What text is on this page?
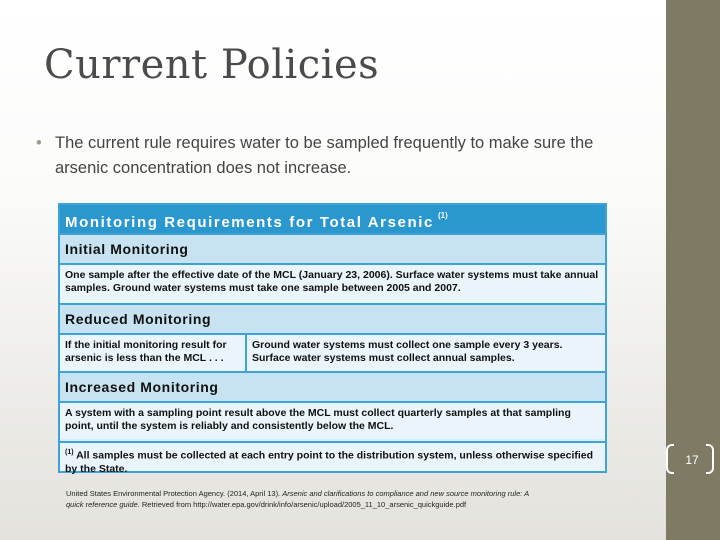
Current Policies
• The current rule requires water to be sampled frequently to make sure the arsenic concentration does not increase.
Monitoring Requirements for Total Arsenic $^{(1)}$
Initial Monitoring
One sample after the effective date of the MCL (January 23, 2006). Surface water systems must take annual samples. Ground water systems must take one sample between 2005 and 2007.
Reduced Monitoring
If the initial monitoring result for arsenic is less than the MCL . . .
Ground water systems must collect one sample every 3 years. Surface water systems must collect annual samples.
Increased Monitoring
A system with a sampling point result above the MCL must collect quarterly samples at that sampling point, until the system is reliably and consistently below the MCL.
$^{(1)}$ All samples must be collected at each entry point to the distribution system, unless otherwise specified by the State.
United States Environmental Protection Agency. (2014, April 13). Arsenic and clarifications to compliance and new source monitoring rule: A quick reference guide. Retrieved from http://water.epa.gov/drink/info/arsenic/upload/2005_11_10_arsenic_quickguide.pdf
17
